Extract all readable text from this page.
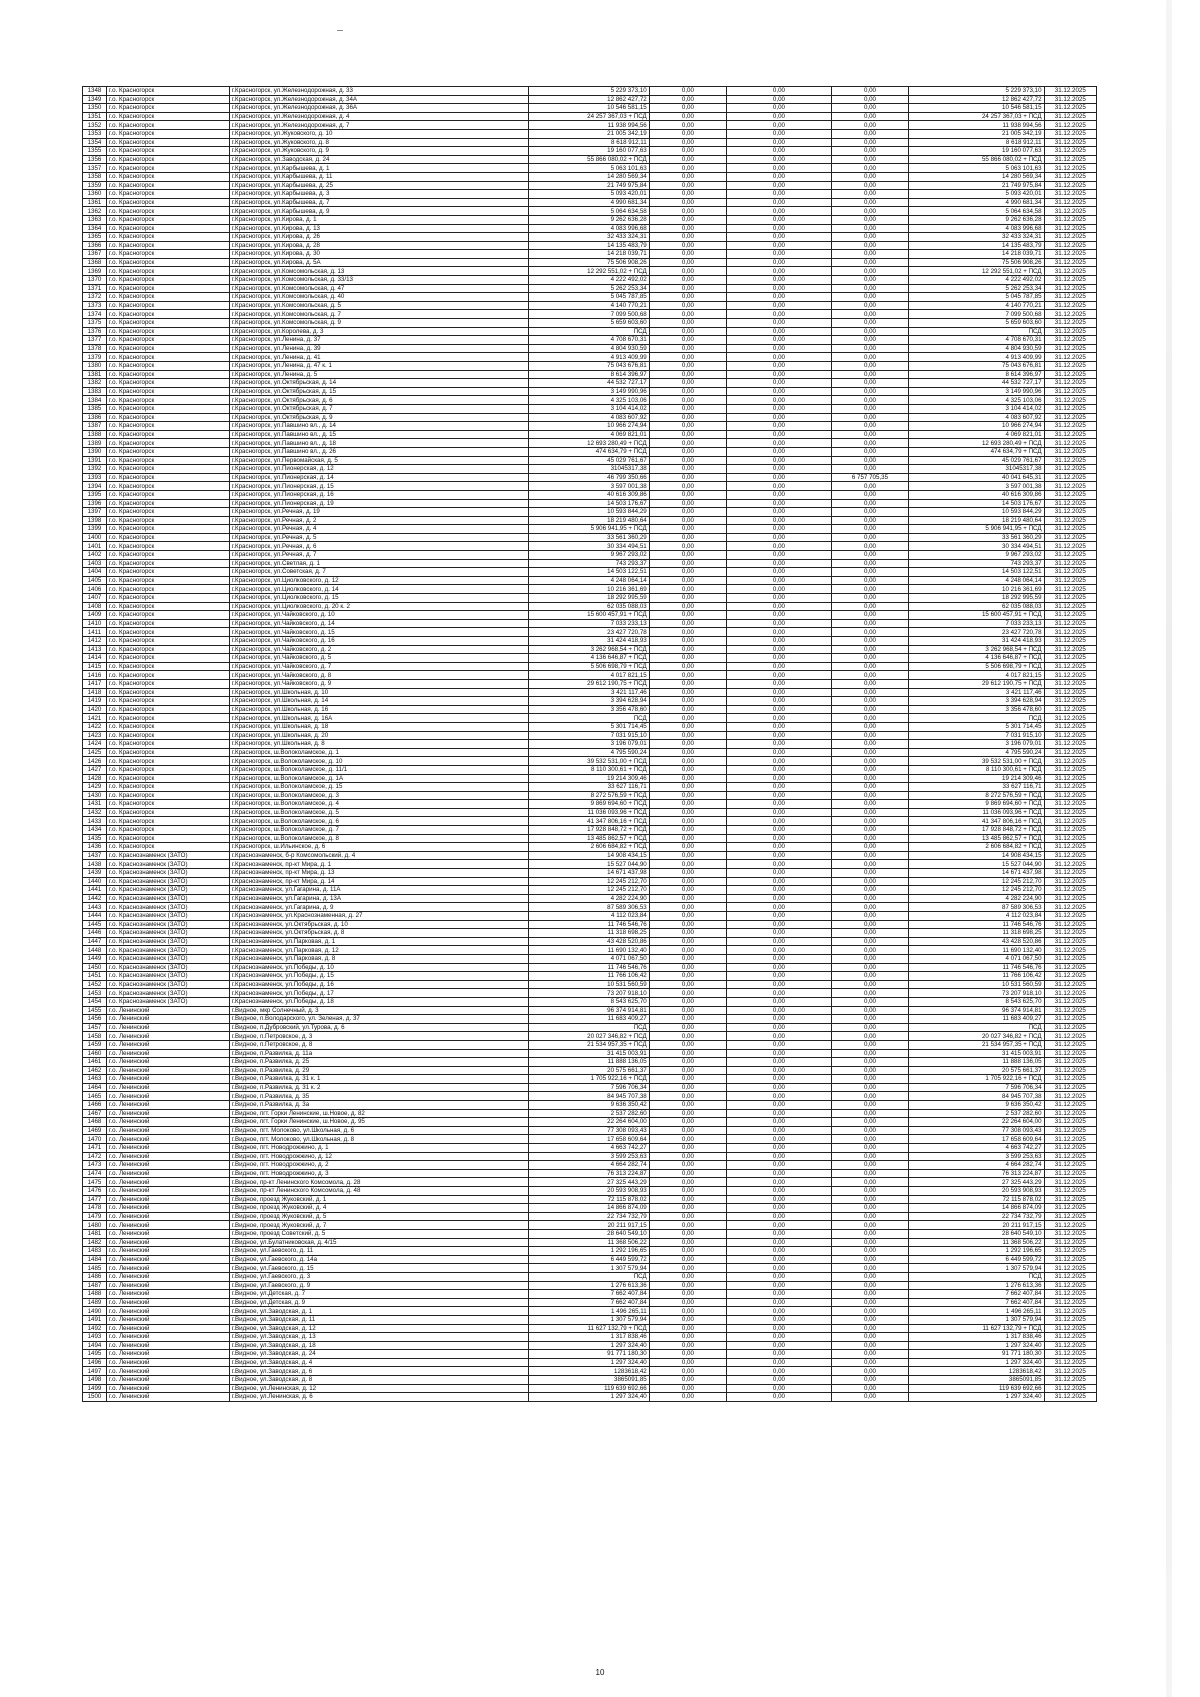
1348	г.о. Красногорск	г.Красногорск, ул.Железнодорожная, д. 33	5 229 373,10	0,00	0,00	0,00	5 229 373,10	31.12.2025
1349	г.о. Красногорск	г.Красногорск, ул.Железнодорожная, д. 34А	12 862 427,72	0,00	0,00	0,00	12 862 427,72	31.12.2025
1350	г.о. Красногорск	г.Красногорск, ул.Железнодорожная, д. 36А	10 546 581,15	0,00	0,00	0,00	10 546 581,15	31.12.2025
1351	г.о. Красногорск	г.Красногорск, ул.Железнодорожная, д. 4	24 257 367,03 + ПСД	0,00	0,00	0,00	24 257 367,03 + ПСД	31.12.2025
1352	г.о. Красногорск	г.Красногорск, ул.Железнодорожная, д. 7	11 938 994,56	0,00	0,00	0,00	11 938 994,56	31.12.2025
1353	г.о. Красногорск	г.Красногорск, ул.Жуковского, д. 10	21 005 342,19	0,00	0,00	0,00	21 005 342,19	31.12.2025
1354	г.о. Красногорск	г.Красногорск, ул.Жуковского, д. 8	8 618 912,11	0,00	0,00	0,00	8 618 912,11	31.12.2025
1355	г.о. Красногорск	г.Красногорск, ул.Жуковского, д. 9	19 160 077,63	0,00	0,00	0,00	19 160 077,63	31.12.2025
1356	г.о. Красногорск	г.Красногорск, ул.Заводская, д. 24	55 866 080,02 + ПСД	0,00	0,00	0,00	55 866 080,02 + ПСД	31.12.2025
1357	г.о. Красногорск	г.Красногорск, ул.Карбышева, д. 1	5 063 101,63	0,00	0,00	0,00	5 063 101,63	31.12.2025
1358	г.о. Красногорск	г.Красногорск, ул.Карбышева, д. 11	14 280 569,34	0,00	0,00	0,00	14 280 569,34	31.12.2025
1359	г.о. Красногорск	г.Красногорск, ул.Карбышева, д. 25	21 749 975,84	0,00	0,00	0,00	21 749 975,84	31.12.2025
1360	г.о. Красногорск	г.Красногорск, ул.Карбышева, д. 3	5 093 420,01	0,00	0,00	0,00	5 093 420,01	31.12.2025
1361	г.о. Красногорск	г.Красногорск, ул.Карбышева, д. 7	4 990 681,34	0,00	0,00	0,00	4 990 681,34	31.12.2025
1362	г.о. Красногорск	г.Красногорск, ул.Карбышева, д. 9	5 064 634,58	0,00	0,00	0,00	5 064 634,58	31.12.2025
1363	г.о. Красногорск	г.Красногорск, ул.Кирова, д. 1	9 262 636,28	0,00	0,00	0,00	9 262 636,28	31.12.2025
1364	г.о. Красногорск	г.Красногорск, ул.Кирова, д. 13	4 083 996,68	0,00	0,00	0,00	4 083 996,68	31.12.2025
1365	г.о. Красногорск	г.Красногорск, ул.Кирова, д. 26	32 433 324,31	0,00	0,00	0,00	32 433 324,31	31.12.2025
1366	г.о. Красногорск	г.Красногорск, ул.Кирова, д. 28	14 135 483,79	0,00	0,00	0,00	14 135 483,79	31.12.2025
1367	г.о. Красногорск	г.Красногорск, ул.Кирова, д. 30	14 218 039,71	0,00	0,00	0,00	14 218 039,71	31.12.2025
1368	г.о. Красногорск	г.Красногорск, ул.Кирова, д. 5А	75 506 908,26	0,00	0,00	0,00	75 506 908,26	31.12.2025
1369	г.о. Красногорск	г.Красногорск, ул.Комсомольская, д. 13	12 292 551,02 + ПСД	0,00	0,00	0,00	12 292 551,02 + ПСД	31.12.2025
1370	г.о. Красногорск	г.Красногорск, ул.Комсомольская, д. 33/13	4 222 492,02	0,00	0,00	0,00	4 222 492,02	31.12.2025
1371	г.о. Красногорск	г.Красногорск, ул.Комсомольская, д. 47	5 262 253,34	0,00	0,00	0,00	5 262 253,34	31.12.2025
1372	г.о. Красногорск	г.Красногорск, ул.Комсомольская, д. 40	5 045 787,85	0,00	0,00	0,00	5 045 787,85	31.12.2025
1373	г.о. Красногорск	г.Красногорск, ул.Комсомольская, д. 5	4 140 770,21	0,00	0,00	0,00	4 140 770,21	31.12.2025
1374	г.о. Красногорск	г.Красногорск, ул.Комсомольская, д. 7	7 099 500,68	0,00	0,00	0,00	7 099 500,68	31.12.2025
1375	г.о. Красногорск	г.Красногорск, ул.Комсомольская, д. 9	5 659 603,60	0,00	0,00	0,00	5 659 603,60	31.12.2025
1376	г.о. Красногорск	г.Красногорск, ул.Королева, д. 3	ПСД	0,00	0,00	0,00	ПСД	31.12.2025
1377	г.о. Красногорск	г.Красногорск, ул.Ленина, д. 37	4 708 670,31	0,00	0,00	0,00	4 708 670,31	31.12.2025
1378	г.о. Красногорск	г.Красногорск, ул.Ленина, д. 39	4 804 930,59	0,00	0,00	0,00	4 804 930,59	31.12.2025
1379	г.о. Красногорск	г.Красногорск, ул.Ленина, д. 41	4 913 409,99	0,00	0,00	0,00	4 913 409,99	31.12.2025
1380	г.о. Красногорск	г.Красногорск, ул.Ленина, д. 47 к. 1	75 043 676,81	0,00	0,00	0,00	75 043 676,81	31.12.2025
1381	г.о. Красногорск	г.Красногорск, ул.Ленина, д. 5	8 614 396,97	0,00	0,00	0,00	8 614 396,97	31.12.2025
1382	г.о. Красногорск	г.Красногорск, ул.Октябрьская, д. 14	44 532 727,17	0,00	0,00	0,00	44 532 727,17	31.12.2025
1383	г.о. Красногорск	г.Красногорск, ул.Октябрьская, д. 15	3 149 990,96	0,00	0,00	0,00	3 149 990,96	31.12.2025
1384	г.о. Красногорск	г.Красногорск, ул.Октябрьская, д. 6	4 325 103,06	0,00	0,00	0,00	4 325 103,06	31.12.2025
1385	г.о. Красногорск	г.Красногорск, ул.Октябрьская, д. 7	3 104 414,02	0,00	0,00	0,00	3 104 414,02	31.12.2025
1386	г.о. Красногорск	г.Красногорск, ул.Октябрьская, д. 9	4 083 607,92	0,00	0,00	0,00	4 083 607,92	31.12.2025
1387	г.о. Красногорск	г.Красногорск, ул.Павшино вл., д. 14	10 966 274,94	0,00	0,00	0,00	10 966 274,94	31.12.2025
1388	г.о. Красногорск	г.Красногорск, ул.Павшино вл., д. 15	4 069 821,01	0,00	0,00	0,00	4 069 821,01	31.12.2025
1389	г.о. Красногорск	г.Красногорск, ул.Павшино вл., д. 18	12 693 280,49 + ПСД	0,00	0,00	0,00	12 693 280,49 + ПСД	31.12.2025
1390	г.о. Красногорск	г.Красногорск, ул.Павшино вл., д. 26	474 634,79 + ПСД	0,00	0,00	0,00	474 634,79 + ПСД	31.12.2025
1391	г.о. Красногорск	г.Красногорск, ул.Первомайская, д. 5	45 029 761,67	0,00	0,00	0,00	45 029 761,67	31.12.2025
1392	г.о. Красногорск	г.Красногорск, ул.Пионерская, д. 12	31045317,38	0,00	0,00	0,00	31045317,38	31.12.2025
1393	г.о. Красногорск	г.Красногорск, ул.Пионерская, д. 14	46 799 350,66	0,00	0,00	6 757 705,35	40 041 645,31	31.12.2025
1394	г.о. Красногорск	г.Красногорск, ул.Пионерская, д. 15	3 597 001,38	0,00	0,00	0,00	3 597 001,38	31.12.2025
1395	г.о. Красногорск	г.Красногорск, ул.Пионерская, д. 16	40 616 309,86	0,00	0,00	0,00	40 616 309,86	31.12.2025
1396	г.о. Красногорск	г.Красногорск, ул.Пионерская, д. 19	14 503 176,67	0,00	0,00	0,00	14 503 176,67	31.12.2025
1397	г.о. Красногорск	г.Красногорск, ул.Речная, д. 19	10 593 844,29	0,00	0,00	0,00	10 593 844,29	31.12.2025
1398	г.о. Красногорск	г.Красногорск, ул.Речная, д. 2	18 219 480,64	0,00	0,00	0,00	18 219 480,64	31.12.2025
1399	г.о. Красногорск	г.Красногорск, ул.Речная, д. 4	5 906 941,95 + ПСД	0,00	0,00	0,00	5 906 941,95 + ПСД	31.12.2025
1400	г.о. Красногорск	г.Красногорск, ул.Речная, д. 5	33 561 360,29	0,00	0,00	0,00	33 561 360,29	31.12.2025
1401	г.о. Красногорск	г.Красногорск, ул.Речная, д. 6	30 334 494,51	0,00	0,00	0,00	30 334 494,51	31.12.2025
1402	г.о. Красногорск	г.Красногорск, ул.Речная, д. 7	9 967 293,02	0,00	0,00	0,00	9 967 293,02	31.12.2025
1403	г.о. Красногорск	г.Красногорск, ул.Светлая, д. 1	743 293,37	0,00	0,00	0,00	743 293,37	31.12.2025
1404	г.о. Красногорск	г.Красногорск, ул.Советская, д. 7	14 503 122,51	0,00	0,00	0,00	14 503 122,51	31.12.2025
1405	г.о. Красногорск	г.Красногорск, ул.Циолковского, д. 12	4 248 064,14	0,00	0,00	0,00	4 248 064,14	31.12.2025
1406	г.о. Красногорск	г.Красногорск, ул.Циолковского, д. 14	10 216 361,69	0,00	0,00	0,00	10 216 361,69	31.12.2025
1407	г.о. Красногорск	г.Красногорск, ул.Циолковского, д. 15	18 292 995,59	0,00	0,00	0,00	18 292 995,59	31.12.2025
1408	г.о. Красногорск	г.Красногорск, ул.Циолковского, д. 20 к. 2	62 035 088,03	0,00	0,00	0,00	62 035 088,03	31.12.2025
1409	г.о. Красногорск	г.Красногорск, ул.Чайковского, д. 10	15 600 457,91 + ПСД	0,00	0,00	0,00	15 600 457,91 + ПСД	31.12.2025
1410	г.о. Красногорск	г.Красногорск, ул.Чайковского, д. 14	7 033 233,13	0,00	0,00	0,00	7 033 233,13	31.12.2025
1411	г.о. Красногорск	г.Красногорск, ул.Чайковского, д. 15	23 427 720,78	0,00	0,00	0,00	23 427 720,78	31.12.2025
1412	г.о. Красногорск	г.Красногорск, ул.Чайковского, д. 16	31 424 418,93	0,00	0,00	0,00	31 424 418,93	31.12.2025
1413	г.о. Красногорск	г.Красногорск, ул.Чайковского, д. 2	3 262 968,54 + ПСД	0,00	0,00	0,00	3 262 968,54 + ПСД	31.12.2025
1414	г.о. Красногорск	г.Красногорск, ул.Чайковского, д. 5	4 136 646,87 + ПСД	0,00	0,00	0,00	4 136 646,87 + ПСД	31.12.2025
1415	г.о. Красногорск	г.Красногорск, ул.Чайковского, д. 7	5 506 698,79 + ПСД	0,00	0,00	0,00	5 506 698,79 + ПСД	31.12.2025
1416	г.о. Красногорск	г.Красногорск, ул.Чайковского, д. 8	4 017 821,15	0,00	0,00	0,00	4 017 821,15	31.12.2025
1417	г.о. Красногорск	г.Красногорск, ул.Чайковского, д. 9	29 612 190,75 + ПСД	0,00	0,00	0,00	29 612 190,75 + ПСД	31.12.2025
1418	г.о. Красногорск	г.Красногорск, ул.Школьная, д. 10	3 421 117,46	0,00	0,00	0,00	3 421 117,46	31.12.2025
1419	г.о. Красногорск	г.Красногорск, ул.Школьная, д. 14	3 394 628,94	0,00	0,00	0,00	3 394 628,94	31.12.2025
1420	г.о. Красногорск	г.Красногорск, ул.Школьная, д. 16	3 356 478,60	0,00	0,00	0,00	3 356 478,60	31.12.2025
1421	г.о. Красногорск	г.Красногорск, ул.Школьная, д. 16А	ПСД	0,00	0,00	0,00	ПСД	31.12.2025
1422	г.о. Красногорск	г.Красногорск, ул.Школьная, д. 18	5 301 714,45	0,00	0,00	0,00	5 301 714,45	31.12.2025
1423	г.о. Красногорск	г.Красногорск, ул.Школьная, д. 20	7 031 915,10	0,00	0,00	0,00	7 031 915,10	31.12.2025
1424	г.о. Красногорск	г.Красногорск, ул.Школьная, д. 8	3 196 079,01	0,00	0,00	0,00	3 196 079,01	31.12.2025
1425	г.о. Красногорск	г.Красногорск, ш.Волоколамское, д. 1	4 795 590,24	0,00	0,00	0,00	4 795 590,24	31.12.2025
1426	г.о. Красногорск	г.Красногорск, ш.Волоколамское, д. 10	39 532 531,00 + ПСД	0,00	0,00	0,00	39 532 531,00 + ПСД	31.12.2025
1427	г.о. Красногорск	г.Красногорск, ш.Волоколамское, д. 11/1	8 110 300,61 + ПСД	0,00	0,00	0,00	8 110 300,61 + ПСД	31.12.2025
1428	г.о. Красногорск	г.Красногорск, ш.Волоколамское, д. 1А	19 214 309,46	0,00	0,00	0,00	19 214 309,46	31.12.2025
1429	г.о. Красногорск	г.Красногорск, ш.Волоколамское, д. 15	33 627 116,71	0,00	0,00	0,00	33 627 116,71	31.12.2025
1430	г.о. Красногорск	г.Красногорск, ш.Волоколамское, д. 3	8 272 576,59 + ПСД	0,00	0,00	0,00	8 272 576,59 + ПСД	31.12.2025
1431	г.о. Красногорск	г.Красногорск, ш.Волоколамское, д. 4	9 869 694,60 + ПСД	0,00	0,00	0,00	9 869 694,60 + ПСД	31.12.2025
1432	г.о. Красногорск	г.Красногорск, ш.Волоколамское, д. 5	11 036 093,96 + ПСД	0,00	0,00	0,00	11 036 093,96 + ПСД	31.12.2025
1433	г.о. Красногорск	г.Красногорск, ш.Волоколамское, д. 6	41 347 806,16 + ПСД	0,00	0,00	0,00	41 347 806,16 + ПСД	31.12.2025
1434	г.о. Красногорск	г.Красногорск, ш.Волоколамское, д. 7	17 928 848,72 + ПСД	0,00	0,00	0,00	17 928 848,72 + ПСД	31.12.2025
1435	г.о. Красногорск	г.Красногорск, ш.Волоколамское, д. 8	13 485 862,57 + ПСД	0,00	0,00	0,00	13 485 862,57 + ПСД	31.12.2025
1436	г.о. Красногорск	г.Красногорск, ш.Ильинское, д. 6	2 606 684,82 + ПСД	0,00	0,00	0,00	2 606 684,82 + ПСД	31.12.2025
1437	г.о. Краснознаменск (ЗАТО)	г.Краснознаменск, б-р Комсомольский, д. 4	14 908 434,15	0,00	0,00	0,00	14 908 434,15	31.12.2025
1438	г.о. Краснознаменск (ЗАТО)	г.Краснознаменск, пр-кт Мира, д. 1	15 527 044,90	0,00	0,00	0,00	15 527 044,90	31.12.2025
1439	г.о. Краснознаменск (ЗАТО)	г.Краснознаменск, пр-кт Мира, д. 13	14 671 437,98	0,00	0,00	0,00	14 671 437,98	31.12.2025
1440	г.о. Краснознаменск (ЗАТО)	г.Краснознаменск, пр-кт Мира, д. 14	12 245 212,70	0,00	0,00	0,00	12 245 212,70	31.12.2025
1441	г.о. Краснознаменск (ЗАТО)	г.Краснознаменск, ул.Гагарина, д. 11А	12 245 212,70	0,00	0,00	0,00	12 245 212,70	31.12.2025
1442	г.о. Краснознаменск (ЗАТО)	г.Краснознаменск, ул.Гагарина, д. 13А	4 282 224,90	0,00	0,00	0,00	4 282 224,90	31.12.2025
1443	г.о. Краснознаменск (ЗАТО)	г.Краснознаменск, ул.Гагарина, д. 9	87 589 306,53	0,00	0,00	0,00	87 589 306,53	31.12.2025
1444	г.о. Краснознаменск (ЗАТО)	г.Краснознаменск, ул.Краснознаменная, д. 27	4 112 023,84	0,00	0,00	0,00	4 112 023,84	31.12.2025
1445	г.о. Краснознаменск (ЗАТО)	г.Краснознаменск, ул.Октябрьская, д. 10	11 746 546,76	0,00	0,00	0,00	11 746 546,76	31.12.2025
1446	г.о. Краснознаменск (ЗАТО)	г.Краснознаменск, ул.Октябрьская, д. 8	11 318 698,25	0,00	0,00	0,00	11 318 698,25	31.12.2025
1447	г.о. Краснознаменск (ЗАТО)	г.Краснознаменск, ул.Парковая, д. 1	43 428 520,86	0,00	0,00	0,00	43 428 520,86	31.12.2025
1448	г.о. Краснознаменск (ЗАТО)	г.Краснознаменск, ул.Парковая, д. 12	11 690 132,40	0,00	0,00	0,00	11 690 132,40	31.12.2025
1449	г.о. Краснознаменск (ЗАТО)	г.Краснознаменск, ул.Парковая, д. 8	4 071 067,50	0,00	0,00	0,00	4 071 067,50	31.12.2025
1450	г.о. Краснознаменск (ЗАТО)	г.Краснознаменск, ул.Победы, д. 10	11 746 546,76	0,00	0,00	0,00	11 746 546,76	31.12.2025
1451	г.о. Краснознаменск (ЗАТО)	г.Краснознаменск, ул.Победы, д. 15	11 766 106,42	0,00	0,00	0,00	11 766 106,42	31.12.2025
1452	г.о. Краснознаменск (ЗАТО)	г.Краснознаменск, ул.Победы, д. 16	10 531 560,59	0,00	0,00	0,00	10 531 560,59	31.12.2025
1453	г.о. Краснознаменск (ЗАТО)	г.Краснознаменск, ул.Победы, д. 17	73 207 918,10	0,00	0,00	0,00	73 207 918,10	31.12.2025
1454	г.о. Краснознаменск (ЗАТО)	г.Краснознаменск, ул.Победы, д. 18	8 543 625,70	0,00	0,00	0,00	8 543 625,70	31.12.2025
1455	г.о. Ленинский	г.Видное, мкр Солнечный, д. 3	96 374 914,81	0,00	0,00	0,00	96 374 914,81	31.12.2025
1456	г.о. Ленинский	г.Видное, п.Володарского, ул. Зеленая, д. 37	11 683 409,27	0,00	0,00	0,00	11 683 409,27	31.12.2025
1457	г.о. Ленинский	г.Видное, п.Дубровский, ул.Турова, д. 6	ПСД	0,00	0,00	0,00	ПСД	31.12.2025
1458	г.о. Ленинский	г.Видное, п.Петровское, д. 3	20 027 346,82 + ПСД	0,00	0,00	0,00	20 027 346,82 + ПСД	31.12.2025
1459	г.о. Ленинский	г.Видное, п.Петровское, д. 8	21 534 957,35 + ПСД	0,00	0,00	0,00	21 534 957,35 + ПСД	31.12.2025
1460	г.о. Ленинский	г.Видное, п.Развилка, д. 11а	31 415 003,91	0,00	0,00	0,00	31 415 003,91	31.12.2025
1461	г.о. Ленинский	г.Видное, п.Развилка, д. 25	11 888 136,05	0,00	0,00	0,00	11 888 136,05	31.12.2025
1462	г.о. Ленинский	г.Видное, п.Развилка, д. 29	20 575 661,37	0,00	0,00	0,00	20 575 661,37	31.12.2025
1463	г.о. Ленинский	г.Видное, п.Развилка, д. 31 к. 1	1 705 922,16 + ПСД	0,00	0,00	0,00	1 705 922,16 + ПСД	31.12.2025
1464	г.о. Ленинский	г.Видное, п.Развилка, д. 31 к. 2	7 596 706,34	0,00	0,00	0,00	7 596 706,34	31.12.2025
1465	г.о. Ленинский	г.Видное, п.Развилка, д. 35	84 945 707,38	0,00	0,00	0,00	84 945 707,38	31.12.2025
1466	г.о. Ленинский	г.Видное, п.Развилка, д. 3а	9 636 350,42	0,00	0,00	0,00	9 636 350,42	31.12.2025
1467	г.о. Ленинский	г.Видное, пгт. Горки Ленинские, ш.Новое, д. 82	2 537 282,60	0,00	0,00	0,00	2 537 282,60	31.12.2025
1468	г.о. Ленинский	г.Видное, пгт. Горки Ленинские, ш.Новое, д. 95	22 264 604,00	0,00	0,00	0,00	22 264 604,00	31.12.2025
1469	г.о. Ленинский	г.Видное, пгт. Молоково, ул.Школьная, д. 6	77 308 093,43	0,00	0,00	0,00	77 308 093,43	31.12.2025
1470	г.о. Ленинский	г.Видное, пгт. Молоково, ул.Школьная, д. 8	17 658 609,64	0,00	0,00	0,00	17 658 609,64	31.12.2025
1471	г.о. Ленинский	г.Видное, пгт. Новодрожжино, д. 1	4 663 742,27	0,00	0,00	0,00	4 663 742,27	31.12.2025
1472	г.о. Ленинский	г.Видное, пгт. Новодрожжино, д. 12	3 599 253,63	0,00	0,00	0,00	3 599 253,63	31.12.2025
1473	г.о. Ленинский	г.Видное, пгт. Новодрожжино, д. 2	4 664 282,74	0,00	0,00	0,00	4 664 282,74	31.12.2025
1474	г.о. Ленинский	г.Видное, пгт. Новодрожжино, д. 3	76 313 224,87	0,00	0,00	0,00	76 313 224,87	31.12.2025
1475	г.о. Ленинский	г.Видное, пр-кт Ленинского Комсомола, д. 28	27 325 443,29	0,00	0,00	0,00	27 325 443,29	31.12.2025
1476	г.о. Ленинский	г.Видное, пр-кт Ленинского Комсомола, д. 48	20 593 908,93	0,00	0,00	0,00	20 593 908,93	31.12.2025
1477	г.о. Ленинский	г.Видное, проезд Жуковский, д. 1	72 115 878,02	0,00	0,00	0,00	72 115 878,02	31.12.2025
1478	г.о. Ленинский	г.Видное, проезд Жуковский, д. 4	14 866 874,09	0,00	0,00	0,00	14 866 874,09	31.12.2025
1479	г.о. Ленинский	г.Видное, проезд Жуковский, д. 5	22 734 732,79	0,00	0,00	0,00	22 734 732,79	31.12.2025
1480	г.о. Ленинский	г.Видное, проезд Жуковский, д. 7	20 211 917,15	0,00	0,00	0,00	20 211 917,15	31.12.2025
1481	г.о. Ленинский	г.Видное, проезд Советский, д. 5	28 640 549,10	0,00	0,00	0,00	28 640 549,10	31.12.2025
1482	г.о. Ленинский	г.Видное, ул.Булатниковская, д. 4/15	11 368 506,22	0,00	0,00	0,00	11 368 506,22	31.12.2025
1483	г.о. Ленинский	г.Видное, ул.Гаевского, д. 11	1 292 196,65	0,00	0,00	0,00	1 292 196,65	31.12.2025
1484	г.о. Ленинский	г.Видное, ул.Гаевского, д. 14а	6 449 599,72	0,00	0,00	0,00	6 449 599,72	31.12.2025
1485	г.о. Ленинский	г.Видное, ул.Гаевского, д. 15	1 307 579,94	0,00	0,00	0,00	1 307 579,94	31.12.2025
1486	г.о. Ленинский	г.Видное, ул.Гаевского, д. 3	ПСД	0,00	0,00	0,00	ПСД	31.12.2025
1487	г.о. Ленинский	г.Видное, ул.Гаевского, д. 9	1 276 613,36	0,00	0,00	0,00	1 276 613,36	31.12.2025
1488	г.о. Ленинский	г.Видное, ул.Детская, д. 7	7 662 407,84	0,00	0,00	0,00	7 662 407,84	31.12.2025
1489	г.о. Ленинский	г.Видное, ул.Детская, д. 9	7 662 407,84	0,00	0,00	0,00	7 662 407,84	31.12.2025
1490	г.о. Ленинский	г.Видное, ул.Заводская, д. 1	1 496 265,11	0,00	0,00	0,00	1 496 265,11	31.12.2025
1491	г.о. Ленинский	г.Видное, ул.Заводская, д. 11	1 307 579,94	0,00	0,00	0,00	1 307 579,94	31.12.2025
1492	г.о. Ленинский	г.Видное, ул.Заводская, д. 12	11 627 132,79 + ПСД	0,00	0,00	0,00	11 627 132,79 + ПСД	31.12.2025
1493	г.о. Ленинский	г.Видное, ул.Заводская, д. 13	1 317 838,46	0,00	0,00	0,00	1 317 838,46	31.12.2025
1494	г.о. Ленинский	г.Видное, ул.Заводская, д. 18	1 297 324,40	0,00	0,00	0,00	1 297 324,40	31.12.2025
1495	г.о. Ленинский	г.Видное, ул.Заводская, д. 24	91 771 180,30	0,00	0,00	0,00	91 771 180,30	31.12.2025
1496	г.о. Ленинский	г.Видное, ул.Заводская, д. 4	1 297 324,40	0,00	0,00	0,00	1 297 324,40	31.12.2025
1497	г.о. Ленинский	г.Видное, ул.Заводская, д. 6	1283618,42	0,00	0,00	0,00	1283618,42	31.12.2025
1498	г.о. Ленинский	г.Видное, ул.Заводская, д. 8	3865091,85	0,00	0,00	0,00	3865091,85	31.12.2025
1499	г.о. Ленинский	г.Видное, ул.Ленинская, д. 12	119 639 692,66	0,00	0,00	0,00	119 639 692,66	31.12.2025
1500	г.о. Ленинский	г.Видное, ул.Ленинская, д. 6	1 297 324,40	0,00	0,00	0,00	1 297 324,40	31.12.2025
10
